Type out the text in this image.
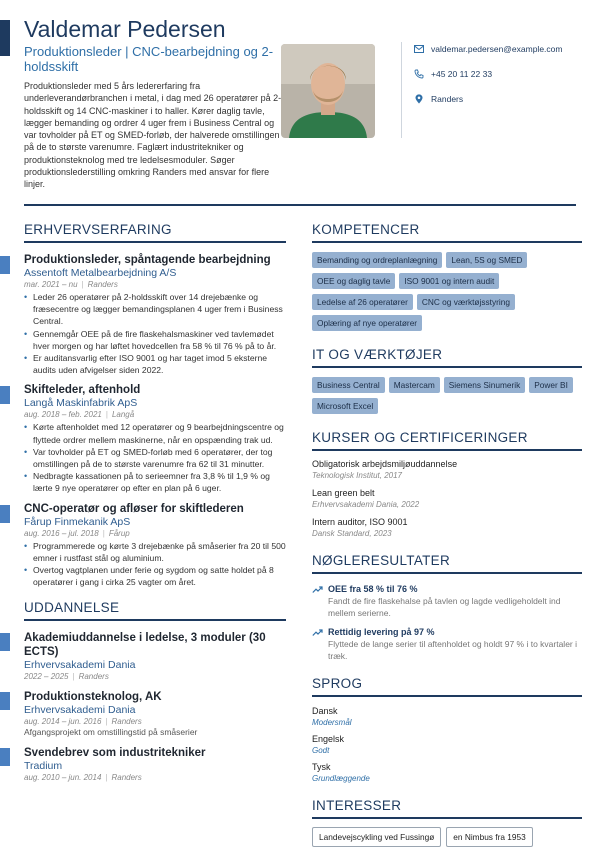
Valdemar Pedersen
Produktionsleder | CNC-bearbejdning og 2-holdsskift
Produktionsleder med 5 års ledererfaring fra underleverandørbranchen i metal, i dag med 26 operatører på 2-holdsskift og 14 CNC-maskiner i to haller. Kører daglig tavle, lægger bemanding og ordrer 4 uger frem i Business Central og var tovholder på ET og SMED-forløb, der halverede omstillingen på de to største varenumre. Faglært industritekniker og produktionsteknolog med tre ledelsesmoduler. Søger produktionslederstilling omkring Randers med ansvar for flere linjer.
valdemar.pedersen@example.com
+45 20 11 22 33
Randers
ERHVERVSERFARING
Produktionsleder, spåntagende bearbejdning
Assentoft Metalbearbejdning A/S
mar. 2021 – nu | Randers
• Leder 26 operatører på 2-holdsskift over 14 drejebænke og fræsecentre og lægger bemandingsplanen 4 uger frem i Business Central.
• Gennemgår OEE på de fire flaskehalsmaskiner ved tavlemødet hver morgen og har løftet hovedcellen fra 58 % til 76 % på to år.
• Er auditansvarlig efter ISO 9001 og har taget imod 5 eksterne audits uden afvigelser siden 2022.
Skifteleder, aftenhold
Langå Maskinfabrik ApS
aug. 2018 – feb. 2021 | Langå
• Kørte aftenholdet med 12 operatører og 9 bearbejdningscentre og flyttede ordrer mellem maskinerne, når en opspænding trak ud.
• Var tovholder på ET og SMED-forløb med 6 operatører, der tog omstillingen på de to største varenumre fra 62 til 31 minutter.
• Nedbragte kassationen på to serieemner fra 3,8 % til 1,9 % og lærte 9 nye operatører op efter en plan på 6 uger.
CNC-operatør og afløser for skiftlederen
Fårup Finmekanik ApS
aug. 2016 – jul. 2018 | Fårup
• Programmerede og kørte 3 drejebænke på småserier fra 20 til 500 emner i rustfast stål og aluminium.
• Overtog vagtplanen under ferie og sygdom og satte holdet på 8 operatører i gang i cirka 25 vagter om året.
UDDANNELSE
Akademiuddannelse i ledelse, 3 moduler (30 ECTS)
Erhvervsakademi Dania
2022 – 2025 | Randers
Produktionsteknolog, AK
Erhvervsakademi Dania
aug. 2014 – jun. 2016 | Randers
Afgangsprojekt om omstillingstid på småserier
Svendebrev som industritekniker
Tradium
aug. 2010 – jun. 2014 | Randers
KOMPETENCER
Bemanding og ordreplanlægning	Lean, 5S og SMED
OEE og daglig tavle	ISO 9001 og intern audit
Ledelse af 26 operatører	CNC og værktøjsstyring
Oplæring af nye operatører
IT OG VÆRKTØJER
Business Central	Mastercam	Siemens Sinumerik	Power BI
Microsoft Excel
KURSER OG CERTIFICERINGER
Obligatorisk arbejdsmiljøuddannelse
Teknologisk Institut, 2017
Lean green belt
Erhvervsakademi Dania, 2022
Intern auditor, ISO 9001
Dansk Standard, 2023
NØGLERESULTATER
OEE fra 58 % til 76 %
Fandt de fire flaskehalse på tavlen og lagde vedligeholdelt ind mellem serierne.
Rettidig levering på 97 %
Flyttede de lange serier til aftenholdet og holdt 97 % i to kvartaler i træk.
SPROG
Dansk
Modersmål
Engelsk
Godt
Tysk
Grundlæggende
INTERESSER
Landevejscykling ved Fussingø	en Nimbus fra 1953
